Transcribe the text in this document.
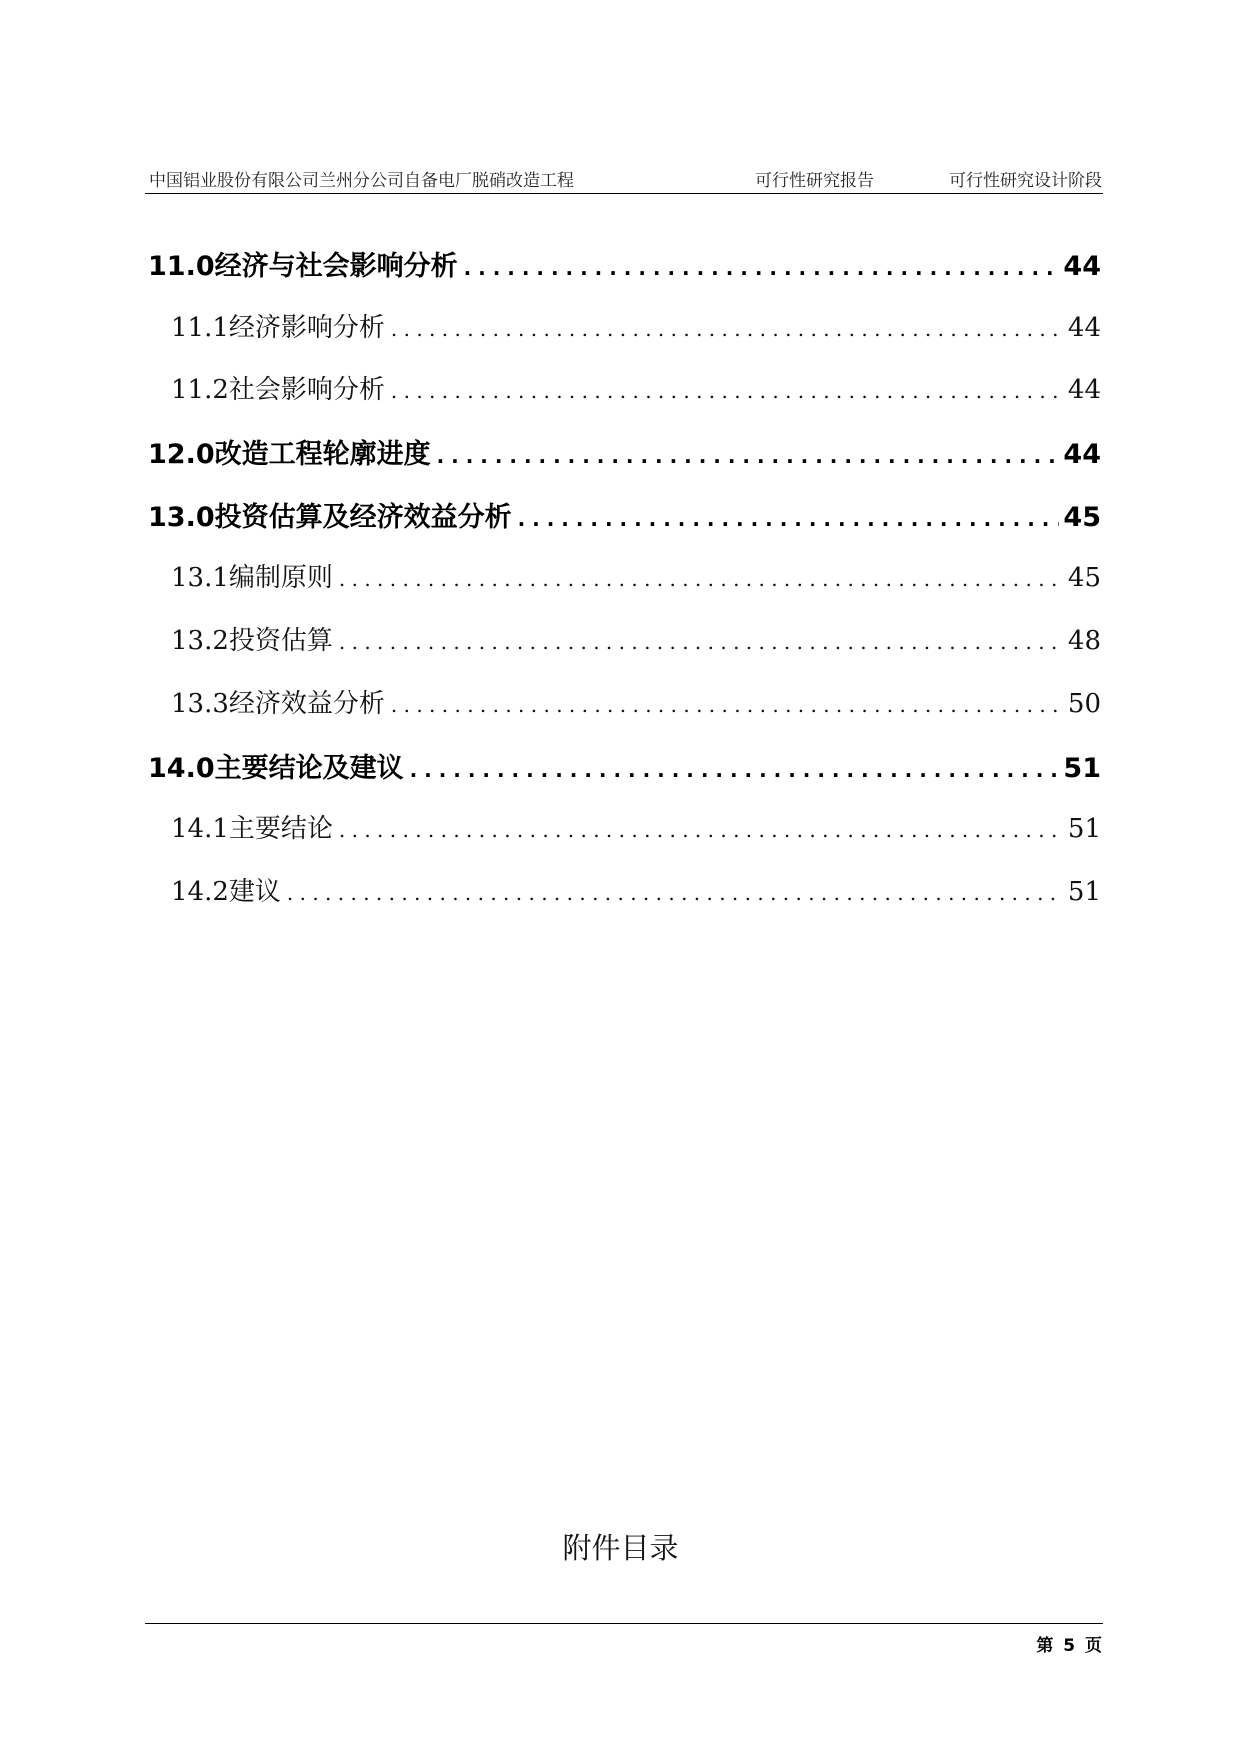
中国铝业股份有限公司兰州分公司自备电厂脱硝改造工程	可行性研究报告	可行性研究设计阶段
11.0 经济与社会影响分析 . . .	44
11.1 经济影响分析 . . .	44
11.2 社会影响分析 . . .	44
12.0 改造工程轮廓进度 . . .	44
13.0 投资估算及经济效益分析 . . .	45
13.1 编制原则 . . .	45
13.2 投资估算 . . .	48
13.3 经济效益分析 . . .	50
14.0 主要结论及建议 . . .	51
14.1 主要结论 . . .	51
14.2 建议 . . .	51
附件目录
第 5 页
